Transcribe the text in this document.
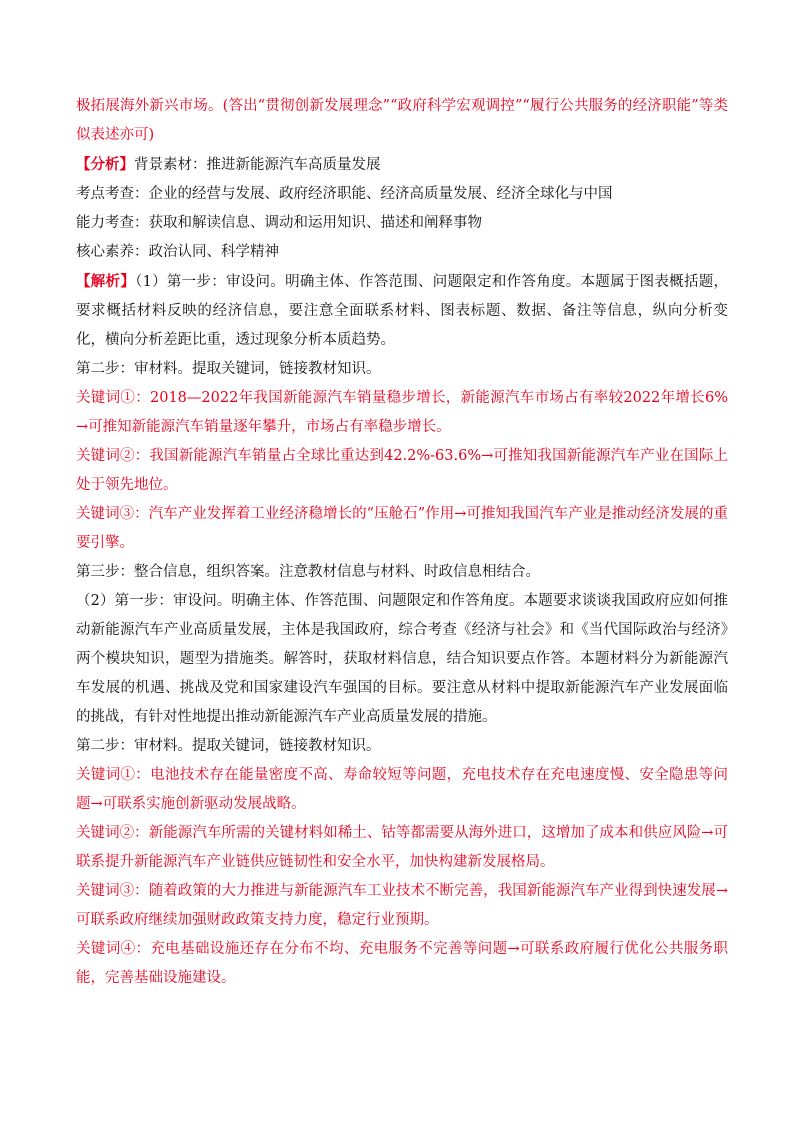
极拓展海外新兴市场。(答出“贯彻创新发展理念”“政府科学宏观调控”“履行公共服务的经济职能”等类似表述亦可)

【分析】背景素材：推进新能源汽车高质量发展

考点考查：企业的经营与发展、政府经济职能、经济高质量发展、经济全球化与中国

能力考查：获取和解读信息、调动和运用知识、描述和阐释事物

核心素养：政治认同、科学精神

【解析】（1）第一步：审设问。明确主体、作答范围、问题限定和作答角度。本题属于图表概括题，要求概括材料反映的经济信息，要注意全面联系材料、图表标题、数据、备注等信息，纵向分析变化，横向分析差距比重，透过现象分析本质趋势。

第二步：审材料。提取关键词，链接教材知识。

关键词①：2018—2022年我国新能源汽车销量稳步增长，新能源汽车市场占有率较2022年增长6%→可推知新能源汽车销量逐年攀升，市场占有率稳步增长。

关键词②：我国新能源汽车销量占全球比重达到42.2%-63.6%→可推知我国新能源汽车产业在国际上处于领先地位。

关键词③：汽车产业发挥着工业经济稳增长的“压舱石”作用→可推知我国汽车产业是推动经济发展的重要引擎。

第三步：整合信息，组织答案。注意教材信息与材料、时政信息相结合。

（2）第一步：审设问。明确主体、作答范围、问题限定和作答角度。本题要求谈谈我国政府应如何推动新能源汽车产业高质量发展，主体是我国政府，综合考查《经济与社会》和《当代国际政治与经济》两个模块知识，题型为措施类。解答时，获取材料信息，结合知识要点作答。本题材料分为新能源汽车发展的机遇、挑战及党和国家建设汽车强国的目标。要注意从材料中提取新能源汽车产业发展面临的挑战，有针对性地提出推动新能源汽车产业高质量发展的措施。

第二步：审材料。提取关键词，链接教材知识。

关键词①：电池技术存在能量密度不高、寿命较短等问题，充电技术存在充电速度慢、安全隐患等问题→可联系实施创新驱动发展战略。

关键词②：新能源汽车所需的关键材料如稀土、钴等都需要从海外进口，这增加了成本和供应风险→可联系提升新能源汽车产业链供应链韧性和安全水平，加快构建新发展格局。

关键词③：随着政策的大力推进与新能源汽车工业技术不断完善，我国新能源汽车产业得到快速发展→可联系政府继续加强财政政策支持力度，稳定行业预期。

关键词④：充电基础设施还存在分布不均、充电服务不完善等问题→可联系政府履行优化公共服务职能，完善基础设施建设。
